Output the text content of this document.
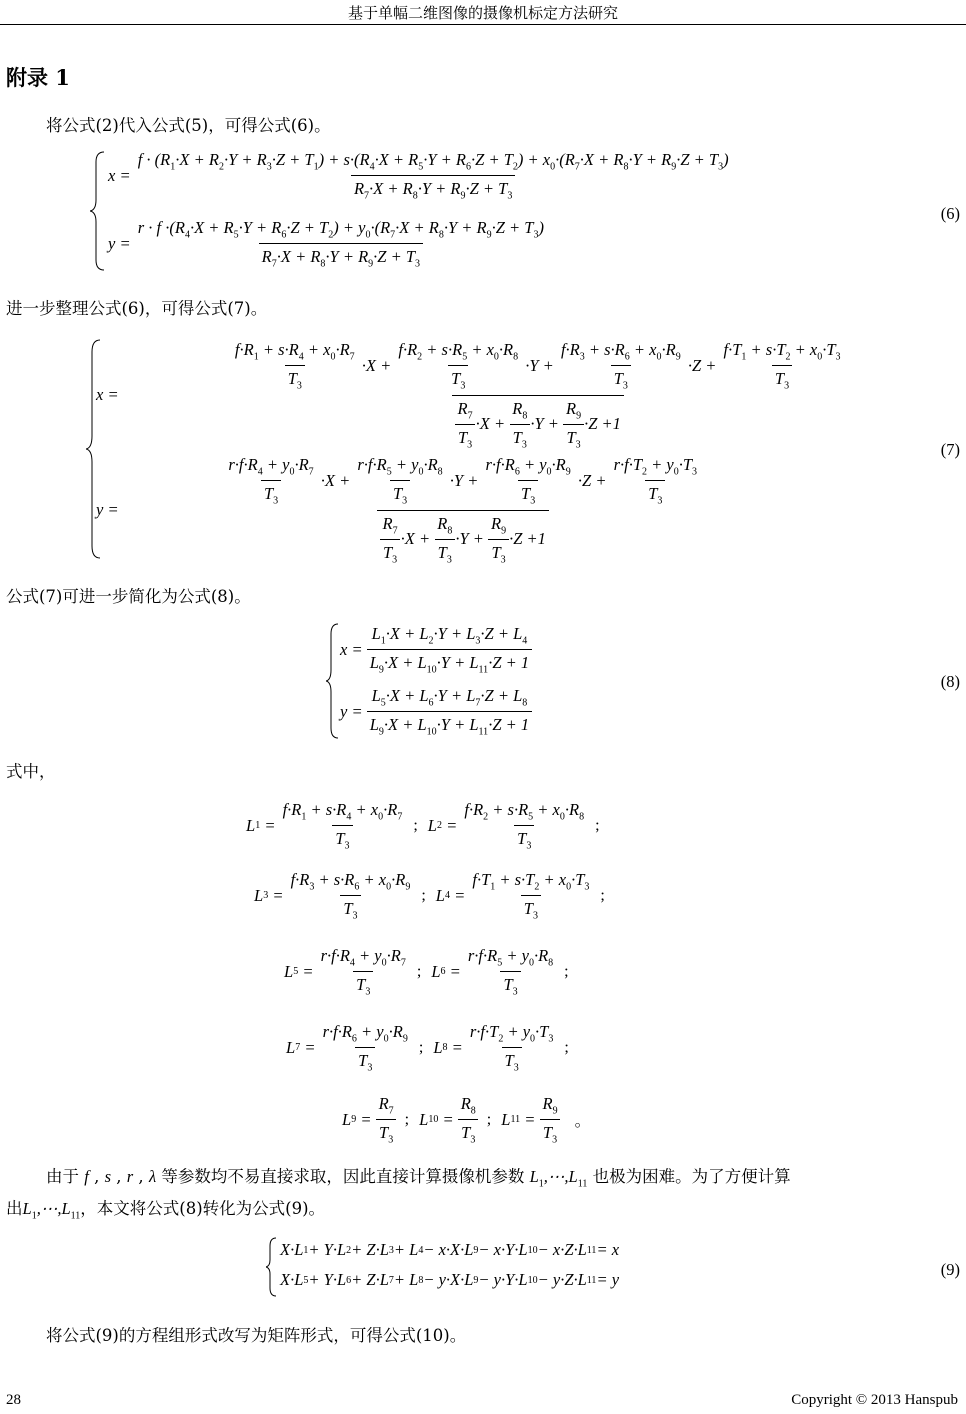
基于单幅二维图像的摄像机标定方法研究
附录 1
将公式(2)代入公式(5)，可得公式(6)。
x =
$f \cdot (R_1\cdot X + R_2\cdot Y + R_3\cdot Z + T_1) + s\cdot(R_4\cdot X + R_5\cdot Y + R_6\cdot Z + T_2) + x_0\cdot(R_7\cdot X + R_8\cdot Y + R_9\cdot Z + T_3)$
$R_7\cdot X + R_8\cdot Y + R_9\cdot Z + T_3$
y =
$r \cdot f \cdot(R_4\cdot X + R_5\cdot Y + R_6\cdot Z + T_2) + y_0\cdot(R_7\cdot X + R_8\cdot Y + R_9\cdot Z + T_3)$
$R_7\cdot X + R_8\cdot Y + R_9\cdot Z + T_3$
(6)
进一步整理公式(6)，可得公式(7)。
x =
$\frac{f\cdot R_1 + s\cdot R_4 + x_0\cdot R_7}{T_3} \cdot X + \frac{f\cdot R_2 + s\cdot R_5 + x_0\cdot R_8}{T_3} \cdot Y + \frac{f\cdot R_3 + s\cdot R_6 + x_0\cdot R_9}{T_3} \cdot Z + \frac{f\cdot T_1 + s\cdot T_2 + x_0\cdot T_3}{T_3}$
$\frac{R_7}{T_3} \cdot X + \frac{R_8}{T_3} \cdot Y + \frac{R_9}{T_3} \cdot Z +1$
y =
$\frac{r\cdot f\cdot R_4 + y_0\cdot R_7}{T_3} \cdot X + \frac{r\cdot f\cdot R_5 + y_0\cdot R_8}{T_3} \cdot Y + \frac{r\cdot f\cdot R_6 + y_0\cdot R_9}{T_3} \cdot Z + \frac{r\cdot f\cdot T_2 + y_0\cdot T_3}{T_3}$
$\frac{R_7}{T_3} \cdot X + \frac{R_8}{T_3} \cdot Y + \frac{R_9}{T_3} \cdot Z +1$
(7)
公式(7)可进一步简化为公式(8)。
$x = \frac{L_1\cdot X + L_2\cdot Y + L_3\cdot Z + L_4}{L_9\cdot X + L_{10}\cdot Y + L_{11}\cdot Z + 1}$
$y = \frac{L_5\cdot X + L_6\cdot Y + L_7\cdot Z + L_8}{L_9\cdot X + L_{10}\cdot Y + L_{11}\cdot Z + 1}$
(8)
式中，
L $1 = \frac{f\cdot R_1 + s\cdot R_4 + x_0\cdot R_7}{T_3}$ ; L $2 = \frac{f\cdot R_2 + s\cdot R_5 + x_0\cdot R_8}{T_3}$ ;
L $3 = \frac{f\cdot R_3 + s\cdot R_6 + x_0\cdot R_9}{T_3}$ ; L $4 = \frac{f\cdot T_1 + s\cdot T_2 + x_0\cdot T_3}{T_3}$ ;
L $5 = \frac{r\cdot f\cdot R_4 + y_0\cdot R_7}{T_3}$ ; L $6 = \frac{r\cdot f\cdot R_5 + y_0\cdot R_8}{T_3}$ ;
L $7 = \frac{r\cdot f\cdot R_6 + y_0\cdot R_9}{T_3}$ ; L $8 = \frac{r\cdot f\cdot T_2 + y_0\cdot T_3}{T_3}$ ;
L $9 = \frac{R_7}{T_3}$ ; L $10 = \frac{R_8}{T_3}$ ; L $11 = \frac{R_9}{T_3}$ 。
由于 f , s , r , λ 等参数均不易直接求取，因此直接计算摄像机参数 $L_1,\cdots,L_{11}$ 也极为困难。为了方便计算
出$L_1,\cdots,L_{11}$，本文将公式(8)转化为公式(9)。
X·L 1 + Y·L 2 + Z·L 3 + L 4 − x·X·L 9 − x·Y·L 10 − x·Z·L 11 = x
X·L 5 + Y·L 6 + Z·L 7 + L 8 − y·X·L 9 − y·Y·L 10 − y·Z·L 11 = y
(9)
将公式(9)的方程组形式改写为矩阵形式，可得公式(10)。
28	Copyright © 2013 Hanspub
